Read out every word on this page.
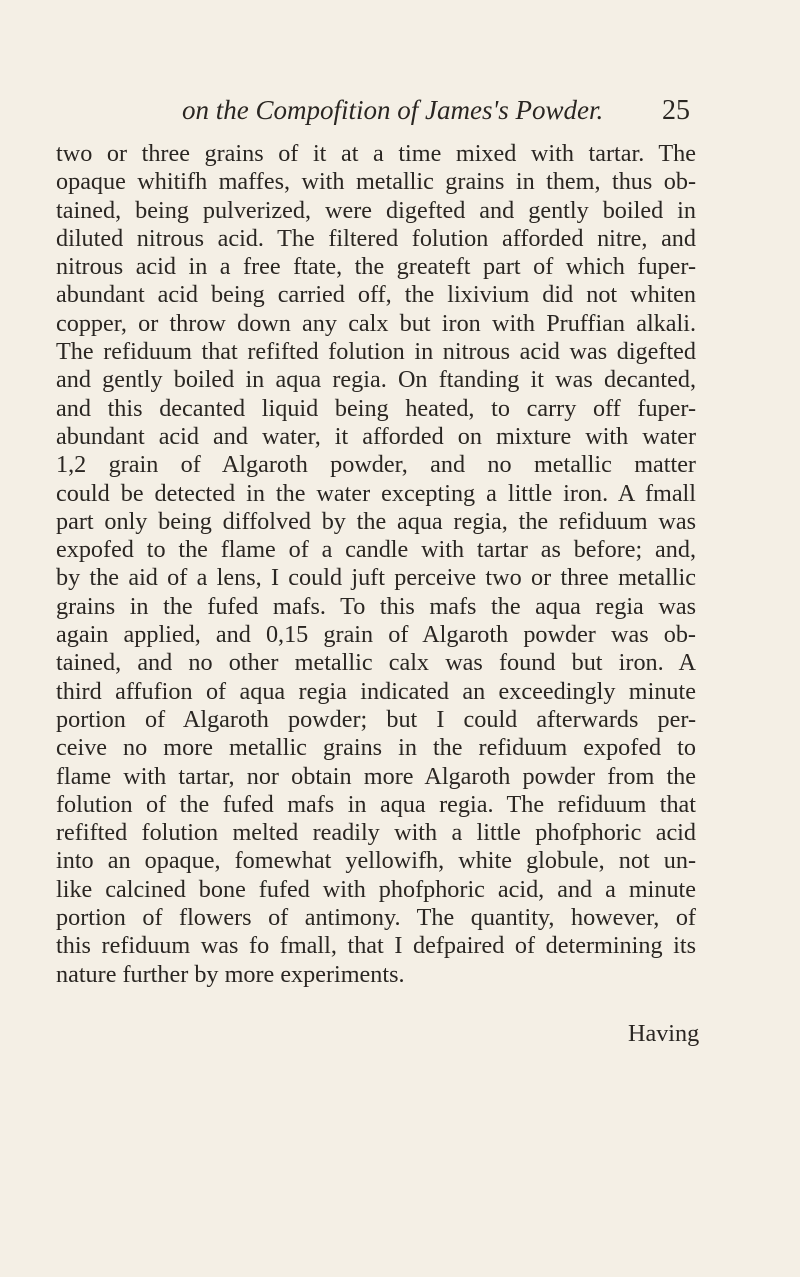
on the Compofition of James's Powder. 25
two or three grains of it at a time mixed with tartar. The
opaque whitifh maffes, with metallic grains in them, thus ob-
tained, being pulverized, were digefted and gently boiled in
diluted nitrous acid. The filtered folution afforded nitre, and
nitrous acid in a free ftate, the greateft part of which fuper-
abundant acid being carried off, the lixivium did not whiten
copper, or throw down any calx but iron with Pruffian alkali.
The refiduum that refifted folution in nitrous acid was digefted
and gently boiled in aqua regia. On ftanding it was decanted,
and this decanted liquid being heated, to carry off fuper-
abundant acid and water, it afforded on mixture with water
1,2 grain of Algaroth powder, and no metallic matter
could be detected in the water excepting a little iron. A fmall
part only being diffolved by the aqua regia, the refiduum was
expofed to the flame of a candle with tartar as before; and,
by the aid of a lens, I could juft perceive two or three metallic
grains in the fufed mafs. To this mafs the aqua regia was
again applied, and 0,15 grain of Algaroth powder was ob-
tained, and no other metallic calx was found but iron. A
third affufion of aqua regia indicated an exceedingly minute
portion of Algaroth powder; but I could afterwards per-
ceive no more metallic grains in the refiduum expofed to
flame with tartar, nor obtain more Algaroth powder from the
folution of the fufed mafs in aqua regia. The refiduum that
refifted folution melted readily with a little phofphoric acid
into an opaque, fomewhat yellowifh, white globule, not un-
like calcined bone fufed with phofphoric acid, and a minute
portion of flowers of antimony. The quantity, however, of
this refiduum was fo fmall, that I defpaired of determining its
nature further by more experiments.
Having
